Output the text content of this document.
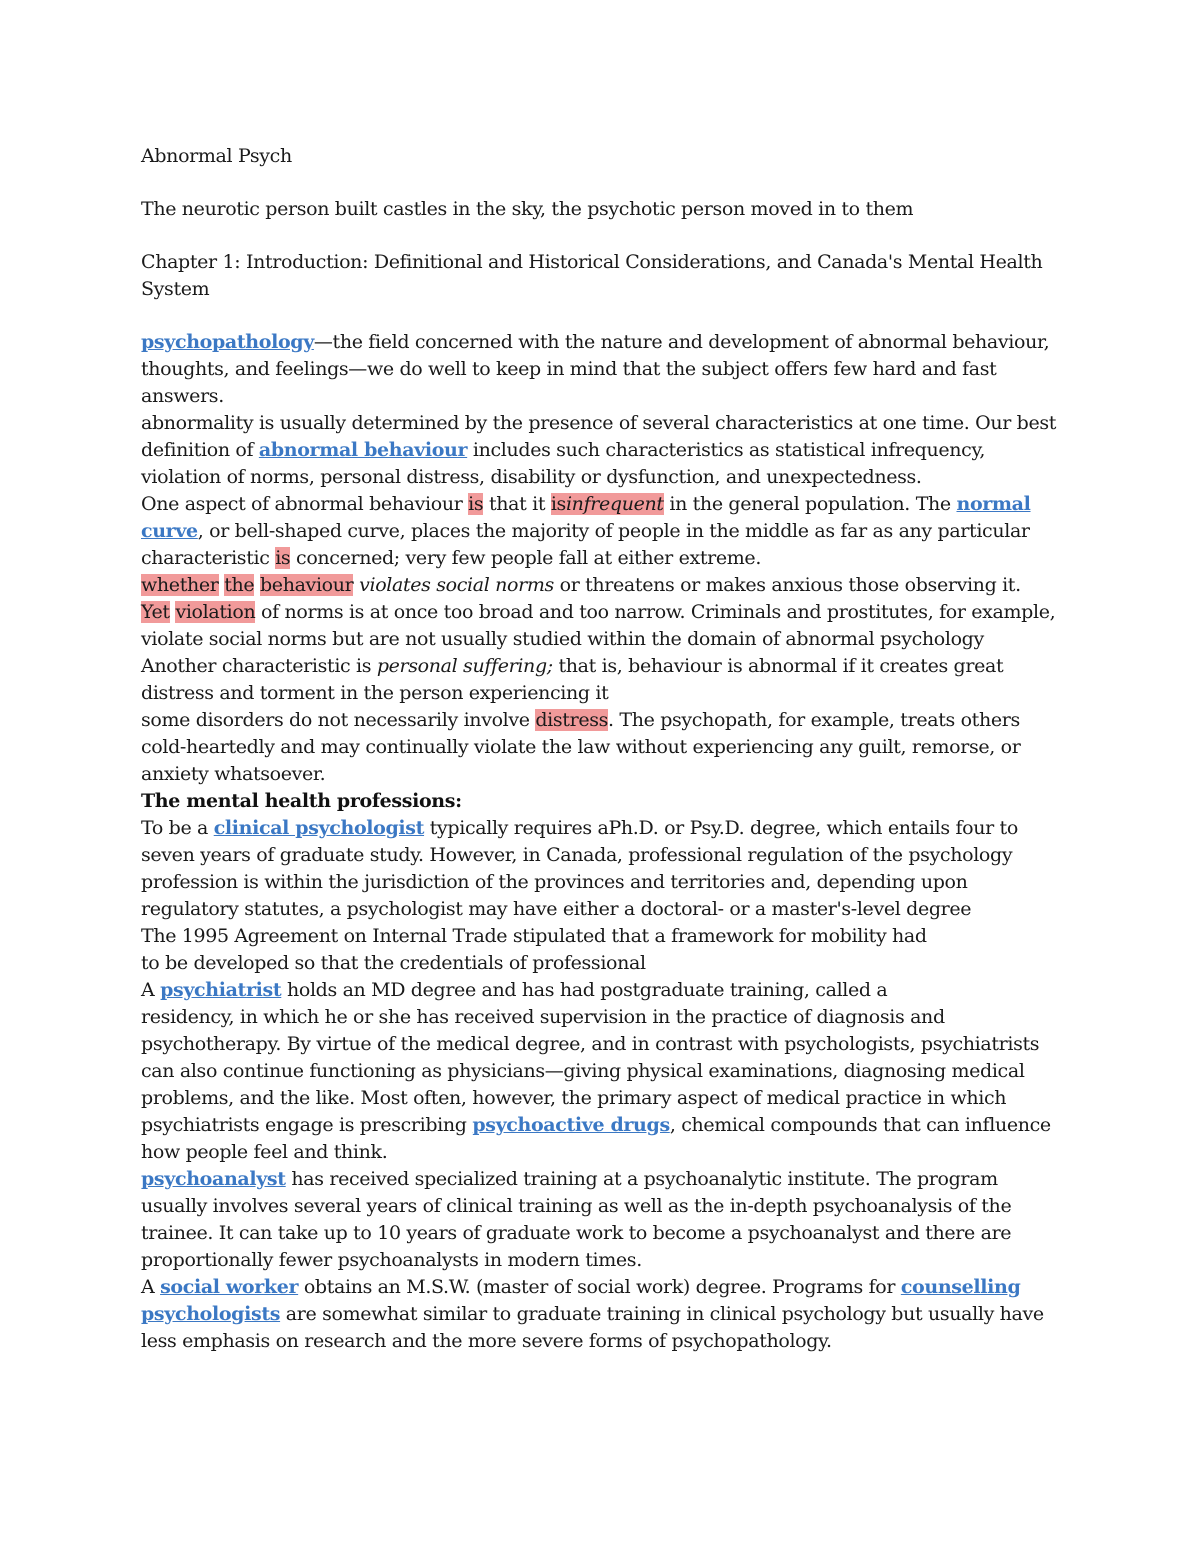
Abnormal Psych

The neurotic person built castles in the sky, the psychotic person moved in to them

Chapter 1: Introduction: Definitional and Historical Considerations, and Canada's Mental Health System

psychopathology—the field concerned with the nature and development of abnormal behaviour, thoughts, and feelings—we do well to keep in mind that the subject offers few hard and fast answers.

abnormality is usually determined by the presence of several characteristics at one time. Our best definition of abnormal behaviour includes such characteristics as statistical infrequency, violation of norms, personal distress, disability or dysfunction, and unexpectedness.

One aspect of abnormal behaviour is that it isinfrequent in the general population. The normal curve, or bell-shaped curve, places the majority of people in the middle as far as any particular characteristic is concerned; very few people fall at either extreme.

whether the behaviour violates social norms or threatens or makes anxious those observing it.

Yet violation of norms is at once too broad and too narrow. Criminals and prostitutes, for example, violate social norms but are not usually studied within the domain of abnormal psychology

Another characteristic is personal suffering; that is, behaviour is abnormal if it creates great distress and torment in the person experiencing it

some disorders do not necessarily involve distress. The psychopath, for example, treats others cold-heartedly and may continually violate the law without experiencing any guilt, remorse, or anxiety whatsoever.

The mental health professions:

To be a clinical psychologist typically requires aPh.D. or Psy.D. degree, which entails four to seven years of graduate study. However, in Canada, professional regulation of the psychology profession is within the jurisdiction of the provinces and territories and, depending upon regulatory statutes, a psychologist may have either a doctoral- or a master's-level degree

The 1995 Agreement on Internal Trade stipulated that a framework for mobility had
to be developed so that the credentials of professional

A psychiatrist holds an MD degree and has had postgraduate training, called a
residency, in which he or she has received supervision in the practice of diagnosis and psychotherapy. By virtue of the medical degree, and in contrast with psychologists, psychiatrists can also continue functioning as physicians—giving physical examinations, diagnosing medical problems, and the like. Most often, however, the primary aspect of medical practice in which psychiatrists engage is prescribing psychoactive drugs, chemical compounds that can influence how people feel and think.

psychoanalyst has received specialized training at a psychoanalytic institute. The program usually involves several years of clinical training as well as the in-depth psychoanalysis of the trainee. It can take up to 10 years of graduate work to become a psychoanalyst and there are proportionally fewer psychoanalysts in modern times.

A social worker obtains an M.S.W. (master of social work) degree. Programs for counselling psychologists are somewhat similar to graduate training in clinical psychology but usually have less emphasis on research and the more severe forms of psychopathology.
